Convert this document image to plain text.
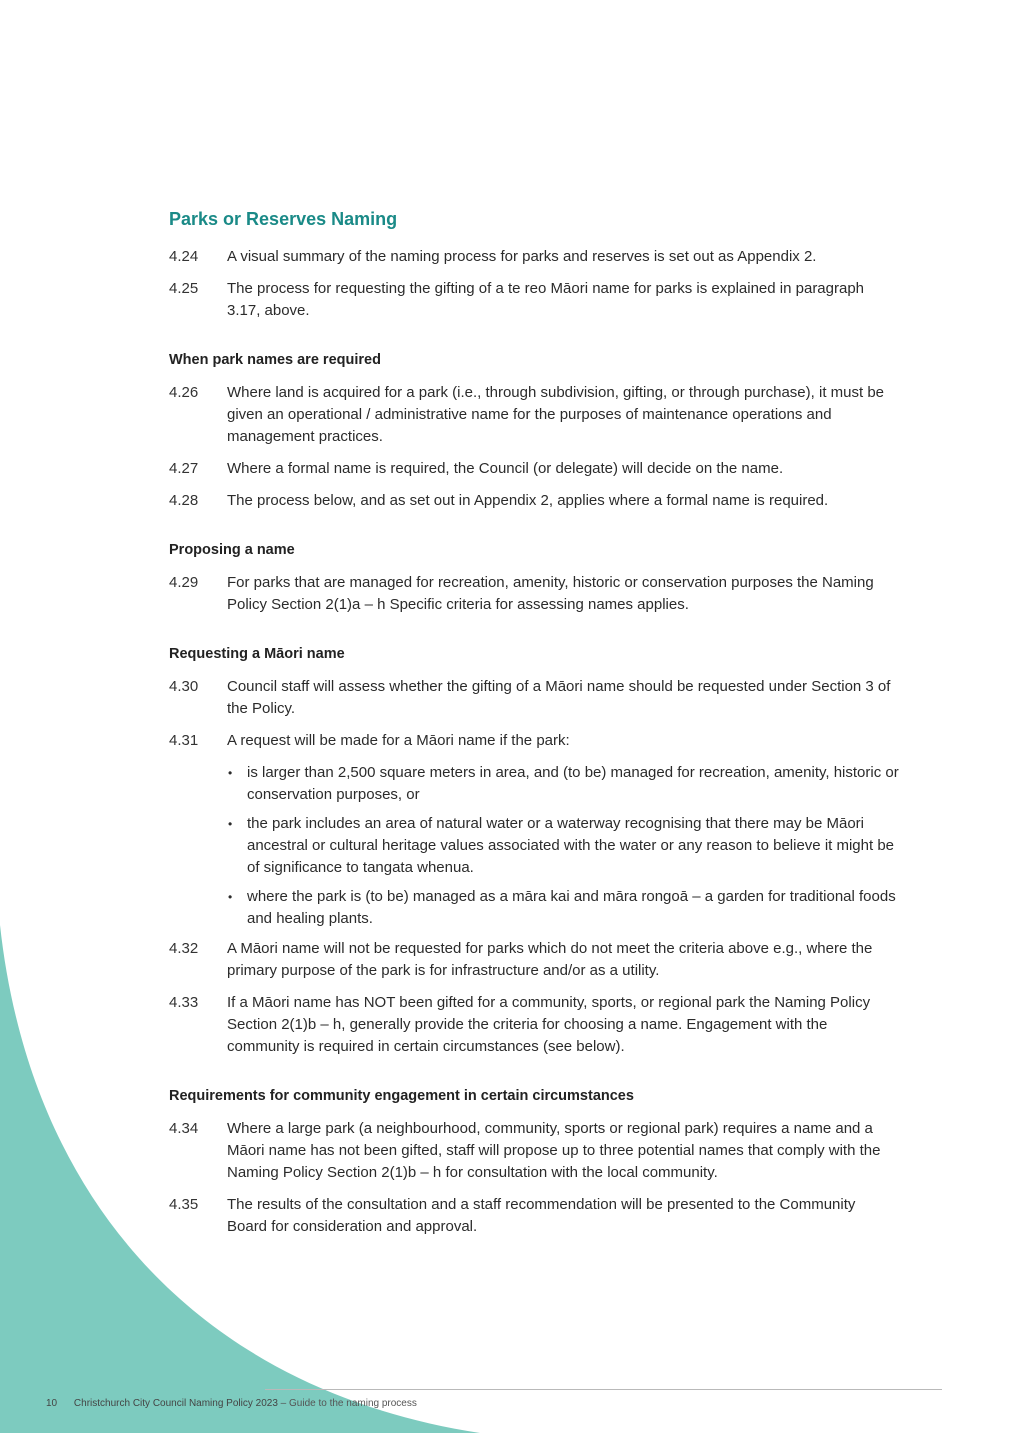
Parks or Reserves Naming
4.24	A visual summary of the naming process for parks and reserves is set out as Appendix 2.
4.25	The process for requesting the gifting of a te reo Māori name for parks is explained in paragraph 3.17, above.
When park names are required
4.26	Where land is acquired for a park (i.e., through subdivision, gifting, or through purchase), it must be given an operational / administrative name for the purposes of maintenance operations and management practices.
4.27	Where a formal name is required, the Council (or delegate) will decide on the name.
4.28	The process below, and as set out in Appendix 2, applies where a formal name is required.
Proposing a name
4.29	For parks that are managed for recreation, amenity, historic or conservation purposes the Naming Policy Section 2(1)a – h Specific criteria for assessing names applies.
Requesting a Māori name
4.30	Council staff will assess whether the gifting of a Māori name should be requested under Section 3 of the Policy.
4.31	A request will be made for a Māori name if the park:
• is larger than 2,500 square meters in area, and (to be) managed for recreation, amenity, historic or conservation purposes, or
• the park includes an area of natural water or a waterway recognising that there may be Māori ancestral or cultural heritage values associated with the water or any reason to believe it might be of significance to tangata whenua.
• where the park is (to be) managed as a māra kai and māra rongoā – a garden for traditional foods and healing plants.
4.32	A Māori name will not be requested for parks which do not meet the criteria above e.g., where the primary purpose of the park is for infrastructure and/or as a utility.
4.33	If a Māori name has NOT been gifted for a community, sports, or regional park the Naming Policy Section 2(1)b – h, generally provide the criteria for choosing a name. Engagement with the community is required in certain circumstances (see below).
Requirements for community engagement in certain circumstances
4.34	Where a large park (a neighbourhood, community, sports or regional park) requires a name and a Māori name has not been gifted, staff will propose up to three potential names that comply with the Naming Policy Section 2(1)b – h for consultation with the local community.
4.35	The results of the consultation and a staff recommendation will be presented to the Community Board for consideration and approval.
10 Christchurch City Council Naming Policy 2023 – Guide to the naming process
